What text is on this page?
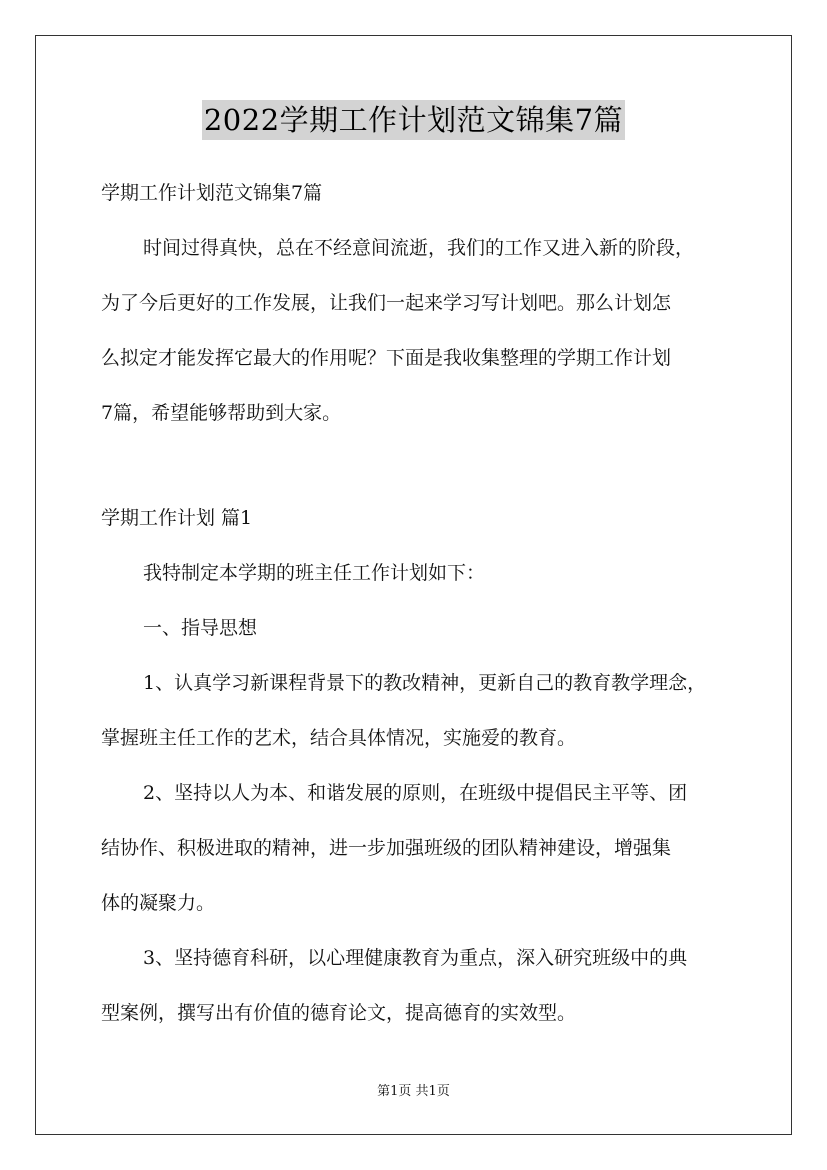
2022学期工作计划范文锦集7篇
学期工作计划范文锦集7篇
时间过得真快，总在不经意间流逝，我们的工作又进入新的阶段，
为了今后更好的工作发展，让我们一起来学习写计划吧。那么计划怎
么拟定才能发挥它最大的作用呢？下面是我收集整理的学期工作计划
7篇，希望能够帮助到大家。
学期工作计划 篇1
我特制定本学期的班主任工作计划如下：
一、指导思想
1、认真学习新课程背景下的教改精神，更新自己的教育教学理念，
掌握班主任工作的艺术，结合具体情况，实施爱的教育。
2、坚持以人为本、和谐发展的原则，在班级中提倡民主平等、团
结协作、积极进取的精神，进一步加强班级的团队精神建设，增强集
体的凝聚力。
3、坚持德育科研，以心理健康教育为重点，深入研究班级中的典
型案例，撰写出有价值的德育论文，提高德育的实效型。
第1页 共1页
